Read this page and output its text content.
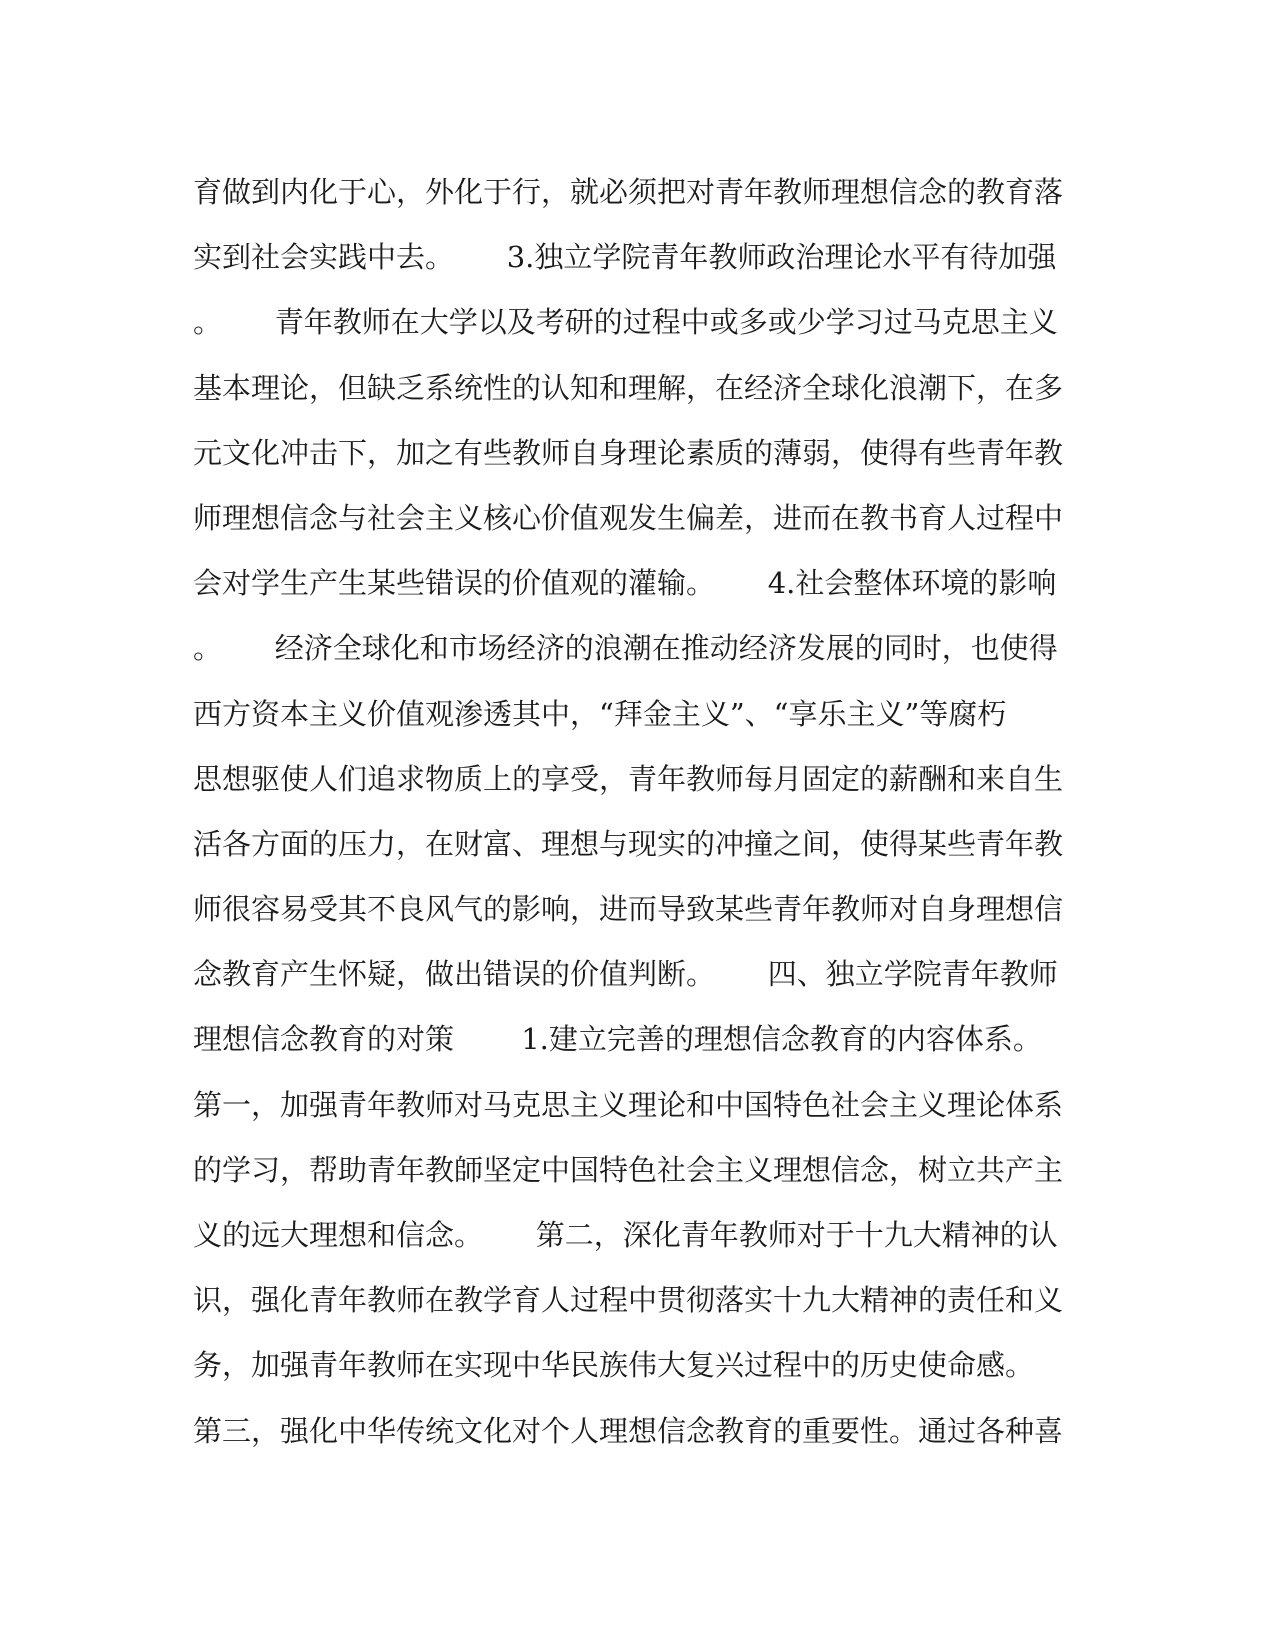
育做到内化于心，外化于行，就必须把对青年教师理想信念的教育落
实到社会实践中去。　　 3.独立学院青年教师政治理论水平有待加强
。　　 青年教师在大学以及考研的过程中或多或少学习过马克思主义
基本理论，但缺乏系统性的认知和理解，在经济全球化浪潮下，在多
元文化冲击下，加之有些教师自身理论素质的薄弱，使得有些青年教
师理想信念与社会主义核心价值观发生偏差，进而在教书育人过程中
会对学生产生某些错误的价值观的灌输。　　 4.社会整体环境的影响
。　　 经济全球化和市场经济的浪潮在推动经济发展的同时，也使得
西方资本主义价值观渗透其中，“拜金主义”、“享乐主义”等腐朽
思想驱使人们追求物质上的享受，青年教师每月固定的薪酬和来自生
活各方面的压力，在财富、理想与现实的冲撞之间，使得某些青年教
师很容易受其不良风气的影响，进而导致某些青年教师对自身理想信
念教育产生怀疑，做出错误的价值判断。　　 四、独立学院青年教师
理想信念教育的对策　　 1.建立完善的理想信念教育的内容体系。
第一，加强青年教师对马克思主义理论和中国特色社会主义理论体系
的学习，帮助青年教師坚定中国特色社会主义理想信念，树立共产主
义的远大理想和信念。　　 第二，深化青年教师对于十九大精神的认
识，强化青年教师在教学育人过程中贯彻落实十九大精神的责任和义
务，加强青年教师在实现中华民族伟大复兴过程中的历史使命感。
第三，强化中华传统文化对个人理想信念教育的重要性。通过各种喜
